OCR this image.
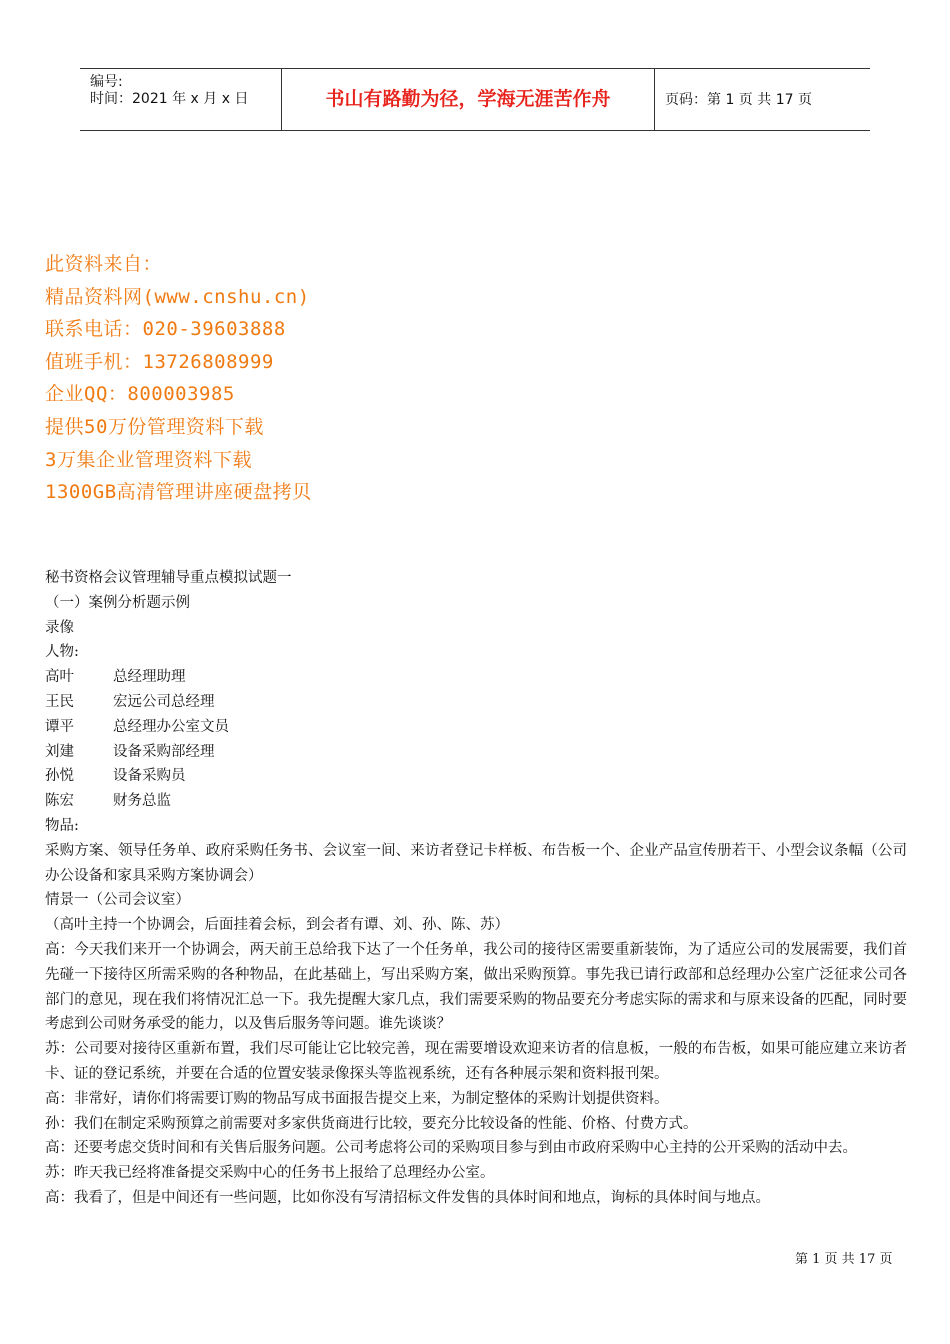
编号:
时间：2021 年 x 月 x 日	书山有路勤为径，学海无涯苦作舟	页码：第 1 页 共 17 页
此资料来自：
精品资料网(www.cnshu.cn)
联系电话：020-39603888
值班手机：13726808999
企业QQ：800003985
提供50万份管理资料下载
3万集企业管理资料下载
1300GB高清管理讲座硬盘拷贝
秘书资格会议管理辅导重点模拟试题一
（一）案例分析题示例
录像
人物:
高叶	总经理助理
王民	宏远公司总经理
谭平	总经理办公室文员
刘建	设备采购部经理
孙悦	设备采购员
陈宏	财务总监
物品:
采购方案、领导任务单、政府采购任务书、会议室一间、来访者登记卡样板、布告板一个、企业产品宣传册若干、小型会议条幅（公司办公设备和家具采购方案协调会）
情景一（公司会议室）
（高叶主持一个协调会，后面挂着会标，到会者有谭、刘、孙、陈、苏）
高：今天我们来开一个协调会，两天前王总给我下达了一个任务单，我公司的接待区需要重新装饰，为了适应公司的发展需要，我们首先碰一下接待区所需采购的各种物品，在此基础上，写出采购方案，做出采购预算。事先我已请行政部和总经理办公室广泛征求公司各部门的意见，现在我们将情况汇总一下。我先提醒大家几点，我们需要采购的物品要充分考虑实际的需求和与原来设备的匹配，同时要考虑到公司财务承受的能力，以及售后服务等问题。谁先谈谈？
苏：公司要对接待区重新布置，我们尽可能让它比较完善，现在需要增设欢迎来访者的信息板，一般的布告板，如果可能应建立来访者卡、证的登记系统，并要在合适的位置安装录像探头等监视系统，还有各种展示架和资料报刊架。
高：非常好，请你们将需要订购的物品写成书面报告提交上来，为制定整体的采购计划提供资料。
孙：我们在制定采购预算之前需要对多家供货商进行比较，要充分比较设备的性能、价格、付费方式。
高：还要考虑交货时间和有关售后服务问题。公司考虑将公司的采购项目参与到由市政府采购中心主持的公开采购的活动中去。
苏：昨天我已经将准备提交采购中心的任务书上报给了总理经办公室。
高：我看了，但是中间还有一些问题，比如你没有写清招标文件发售的具体时间和地点，询标的具体时间与地点。
第 1 页 共 17 页
